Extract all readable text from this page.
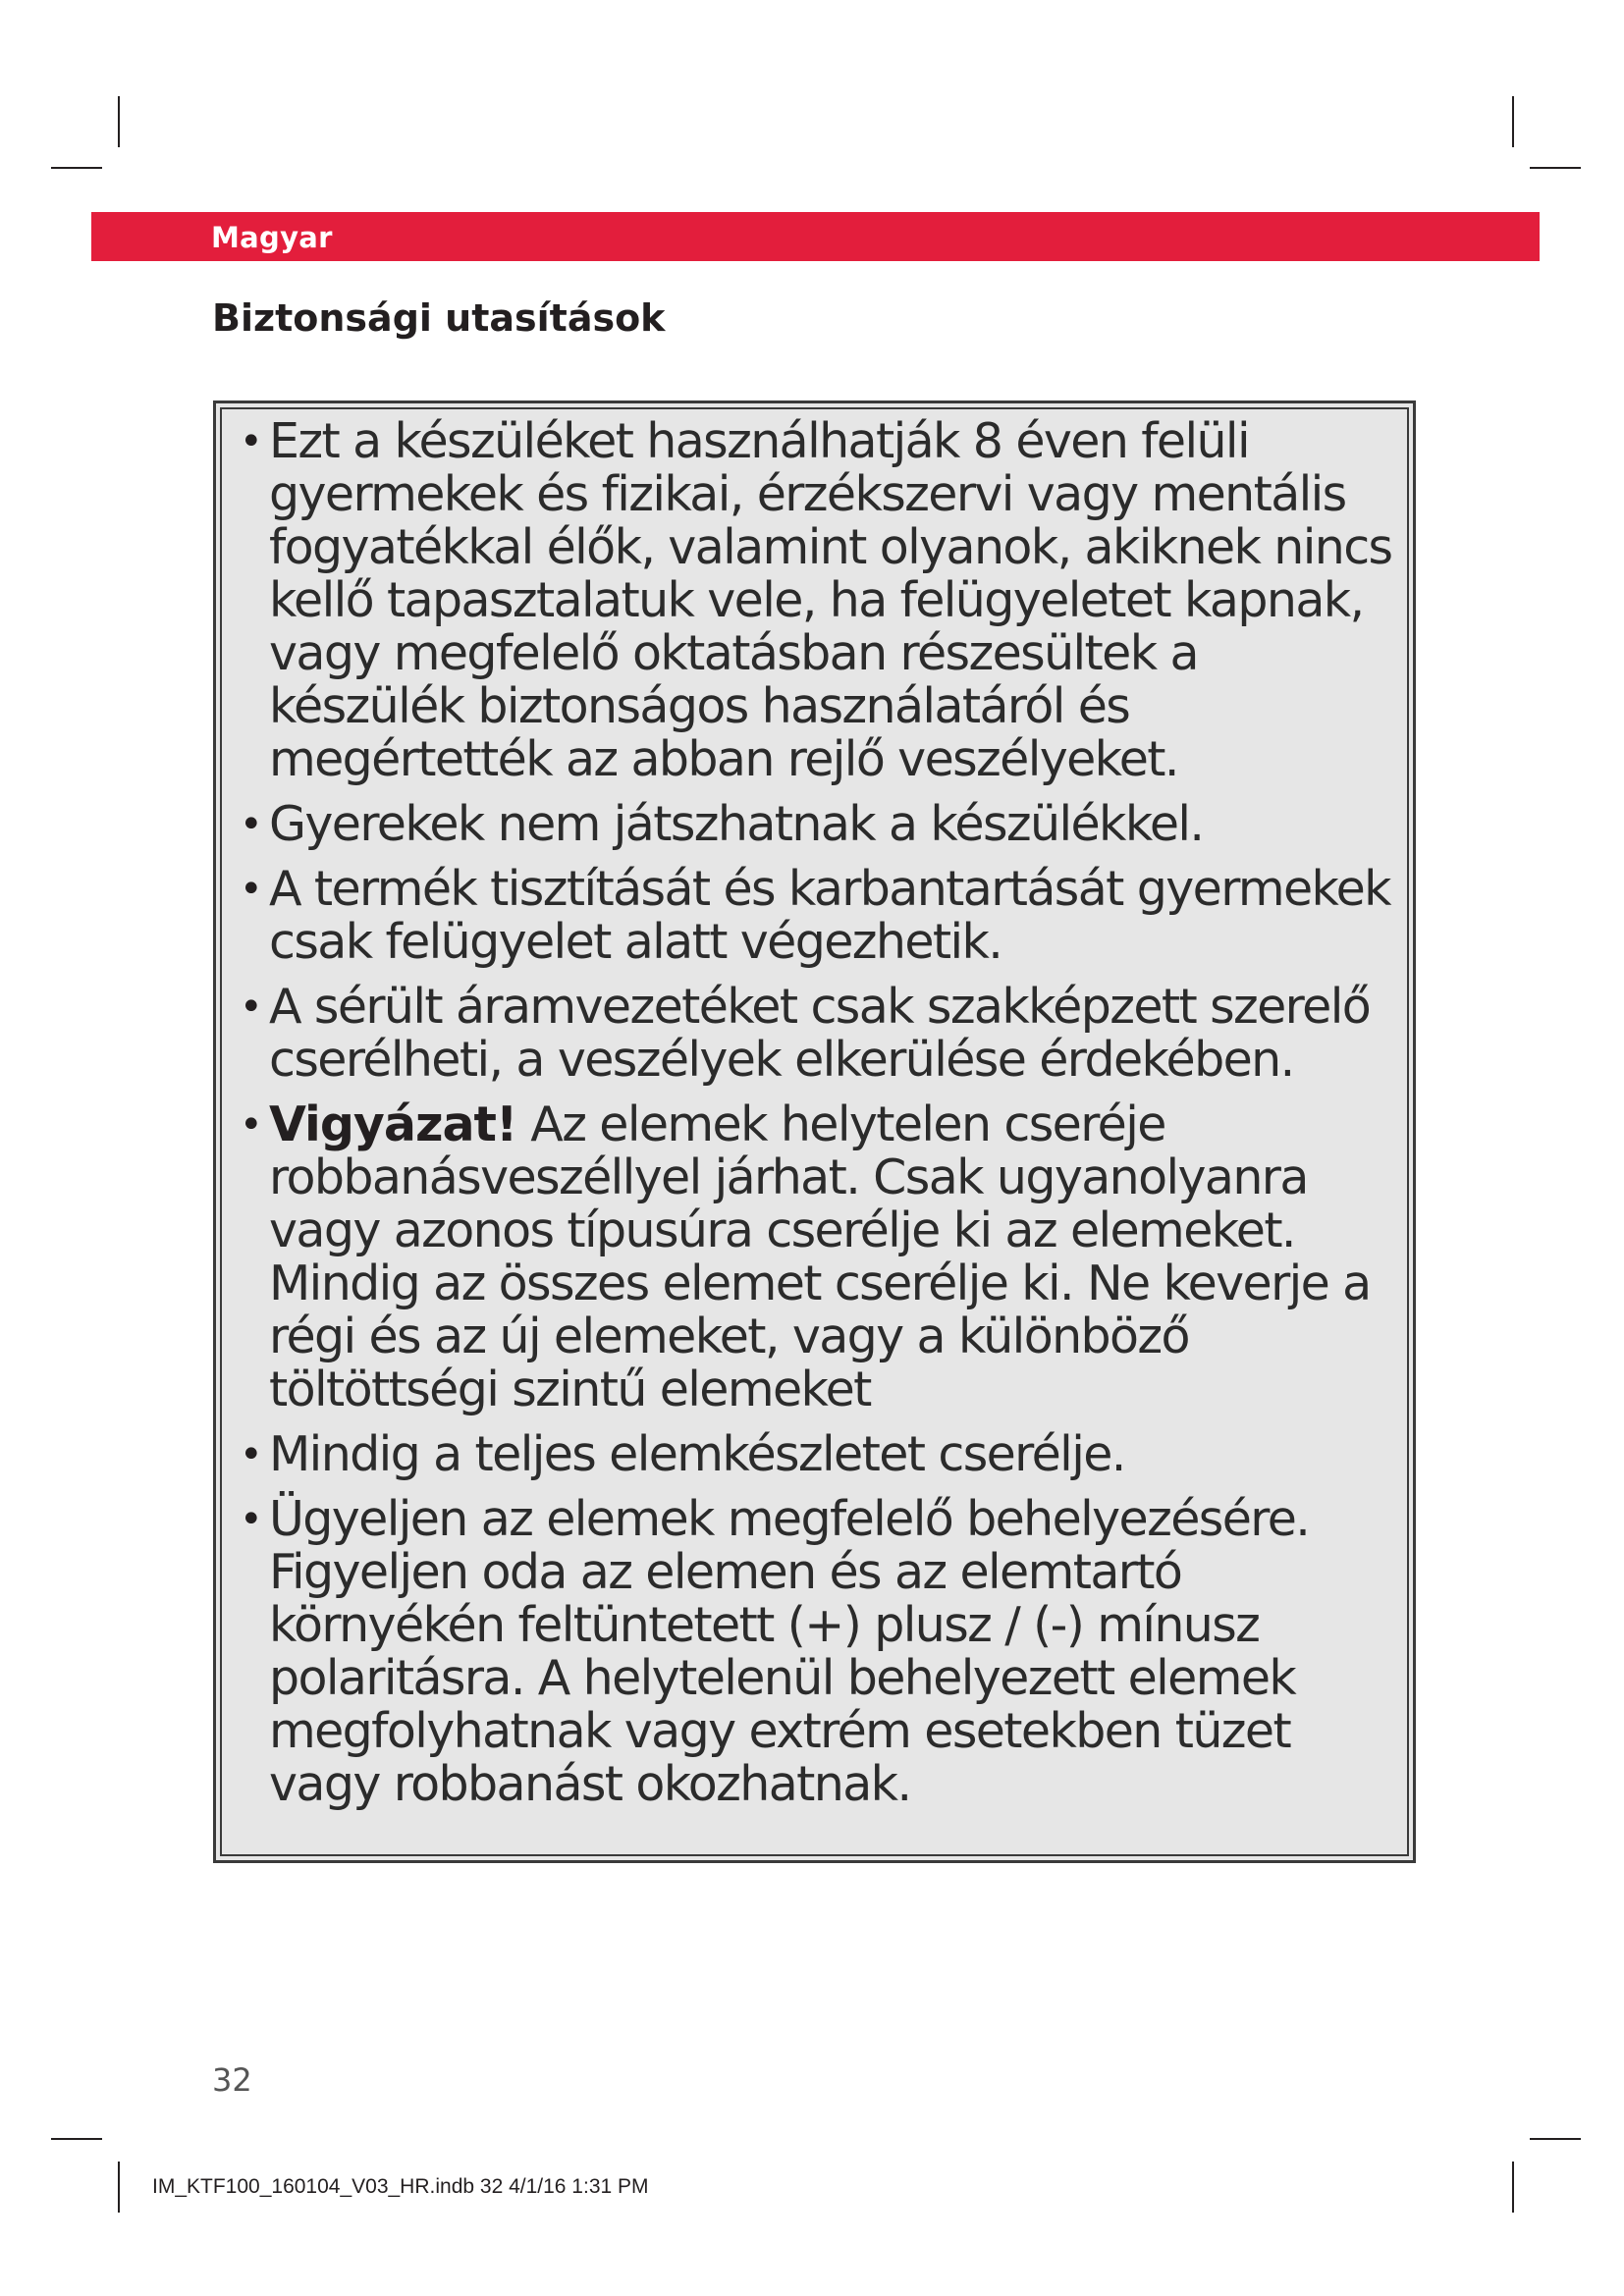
Magyar
Biztonsági utasítások
• Ezt a készüléket használhatják 8 éven felüli gyermekek és fizikai, érzékszervi vagy mentális fogyatékkal élők, valamint olyanok, akiknek nincs kellő tapasztalatuk vele, ha felügyeletet kapnak, vagy megfelelő oktatásban részesültek a készülék biztonságos használatáról és megértették az abban rejlő veszélyeket.
• Gyerekek nem játszhatnak a készülékkel.
• A termék tisztítását és karbantartását gyermekek csak felügyelet alatt végezhetik.
• A sérült áramvezetéket csak szakképzett szerelő cserélheti, a veszélyek elkerülése érdekében.
• Vigyázat! Az elemek helytelen cseréje robbanásveszéllyel járhat. Csak ugyanolyanra vagy azonos típusúra cserélje ki az elemeket. Mindig az összes elemet cserélje ki. Ne keverje a régi és az új elemeket, vagy a különböző töltöttségi szintű elemeket
• Mindig a teljes elemkészletet cserélje.
• Ügyeljen az elemek megfelelő behelyezésére. Figyeljen oda az elemen és az elemtartó környékén feltüntetett (+) plusz / (-) mínusz polaritásra. A helytelenül behelyezett elemek megfolyhatnak vagy extrém esetekben tüzet vagy robbanást okozhatnak.
32
IM_KTF100_160104_V03_HR.indb 32 4/1/16 1:31 PM
